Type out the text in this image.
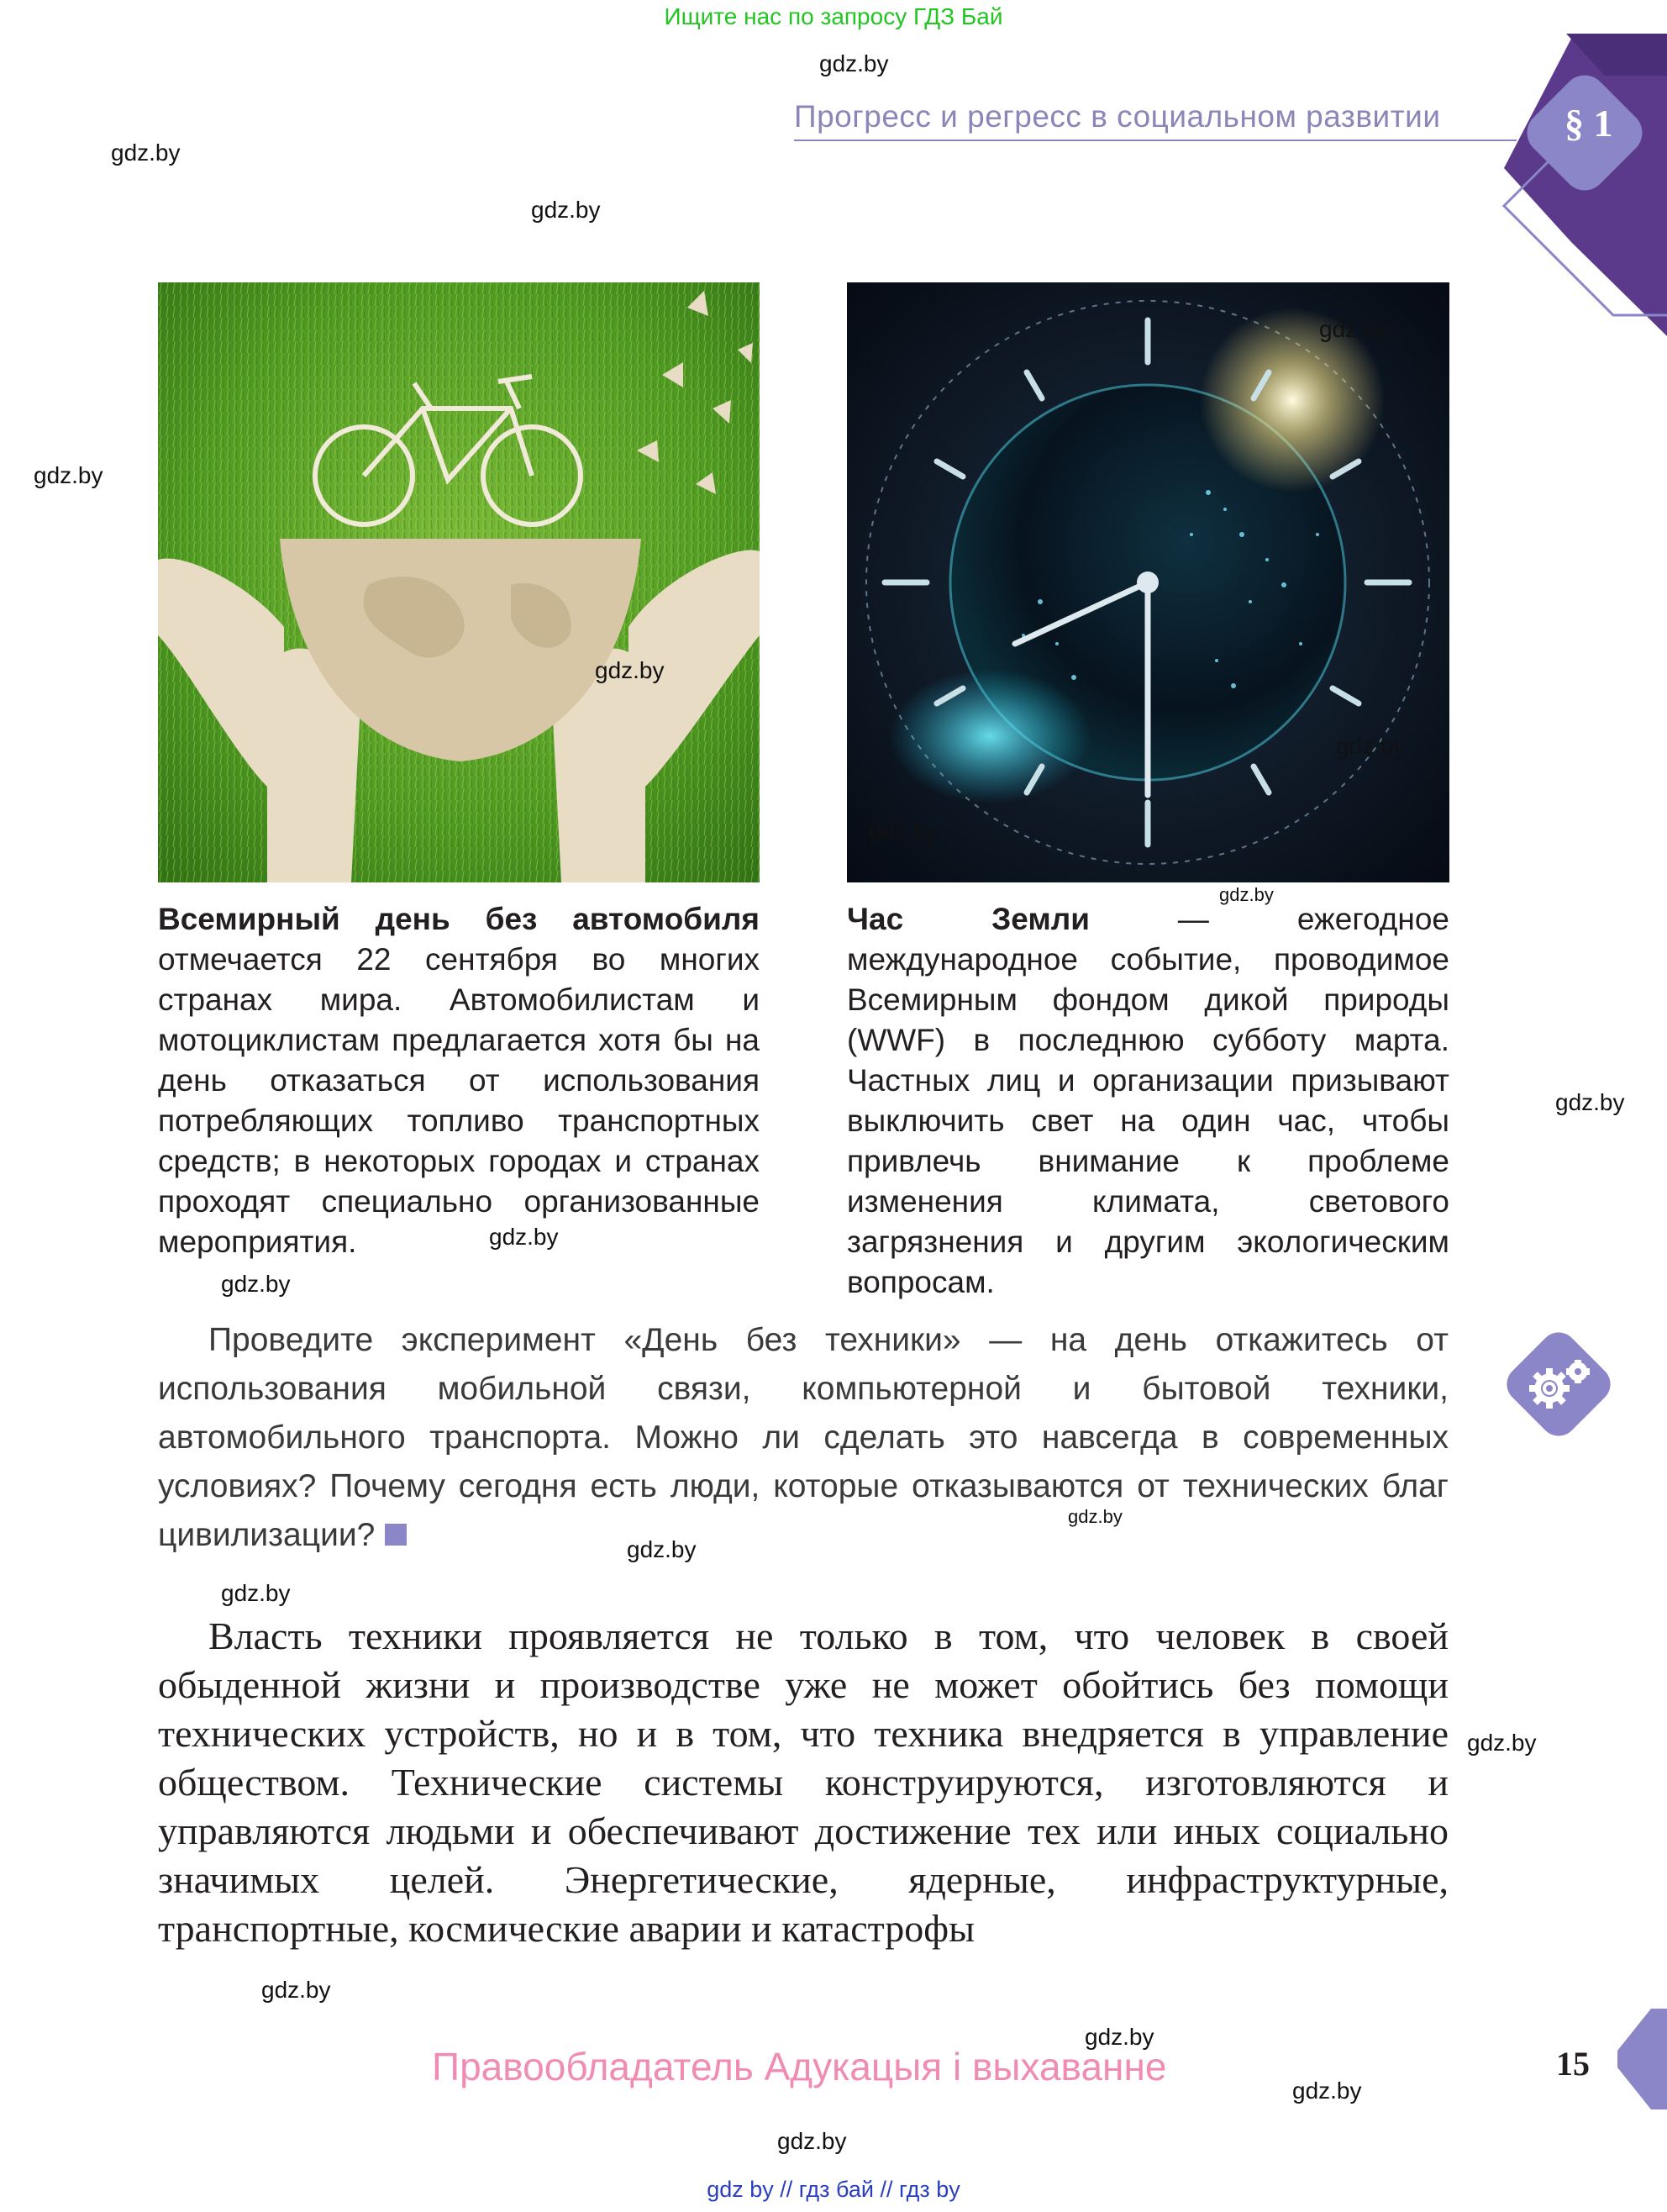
Ищите нас по запросу ГДЗ Бай
§ 1
Прогресс и регресс в социальном развитии
Всемирный день без автомобиля отмечается 22 сентября во многих странах мира. Автомобилистам и мотоциклистам предлагается хотя бы на день отказаться от использования потребляющих топливо транспортных средств; в некоторых городах и странах проходят специально организованные мероприятия.
Час Земли — ежегодное международное событие, проводимое Всемирным фондом дикой природы (WWF) в последнюю субботу марта. Частных лиц и организации призывают выключить свет на один час, чтобы привлечь внимание к проблеме изменения климата, светового загрязнения и другим экологическим вопросам.
Проведите эксперимент «День без техники» — на день откажитесь от использования мобильной связи, компьютерной и бытовой техники, автомобильного транспорта. Можно ли сделать это навсегда в современных условиях? Почему сегодня есть люди, которые отказываются от технических благ цивилизации?
Власть техники проявляется не только в том, что человек в своей обыденной жизни и производстве уже не может обойтись без помощи технических устройств, но и в том, что техника внедряется в управление обществом. Технические системы конструируются, изготовляются и управляются людьми и обеспечивают достижение тех или иных социально значимых целей. Энергетические, ядерные, инфраструктурные, транспортные, космические аварии и катастрофы
Правообладатель Адукацыя і выхаванне	15
gdz by // гдз бай // гдз by
gdz.by
gdz.by
gdz.by
gdz.by
gdz.by
gdz.by
gdz.by
gdz.by
gdz.by
gdz.by
gdz.by
gdz.by
gdz.by
gdz.by
gdz.by
gdz.by
gdz.by
gdz.by
gdz.by
gdz.by
